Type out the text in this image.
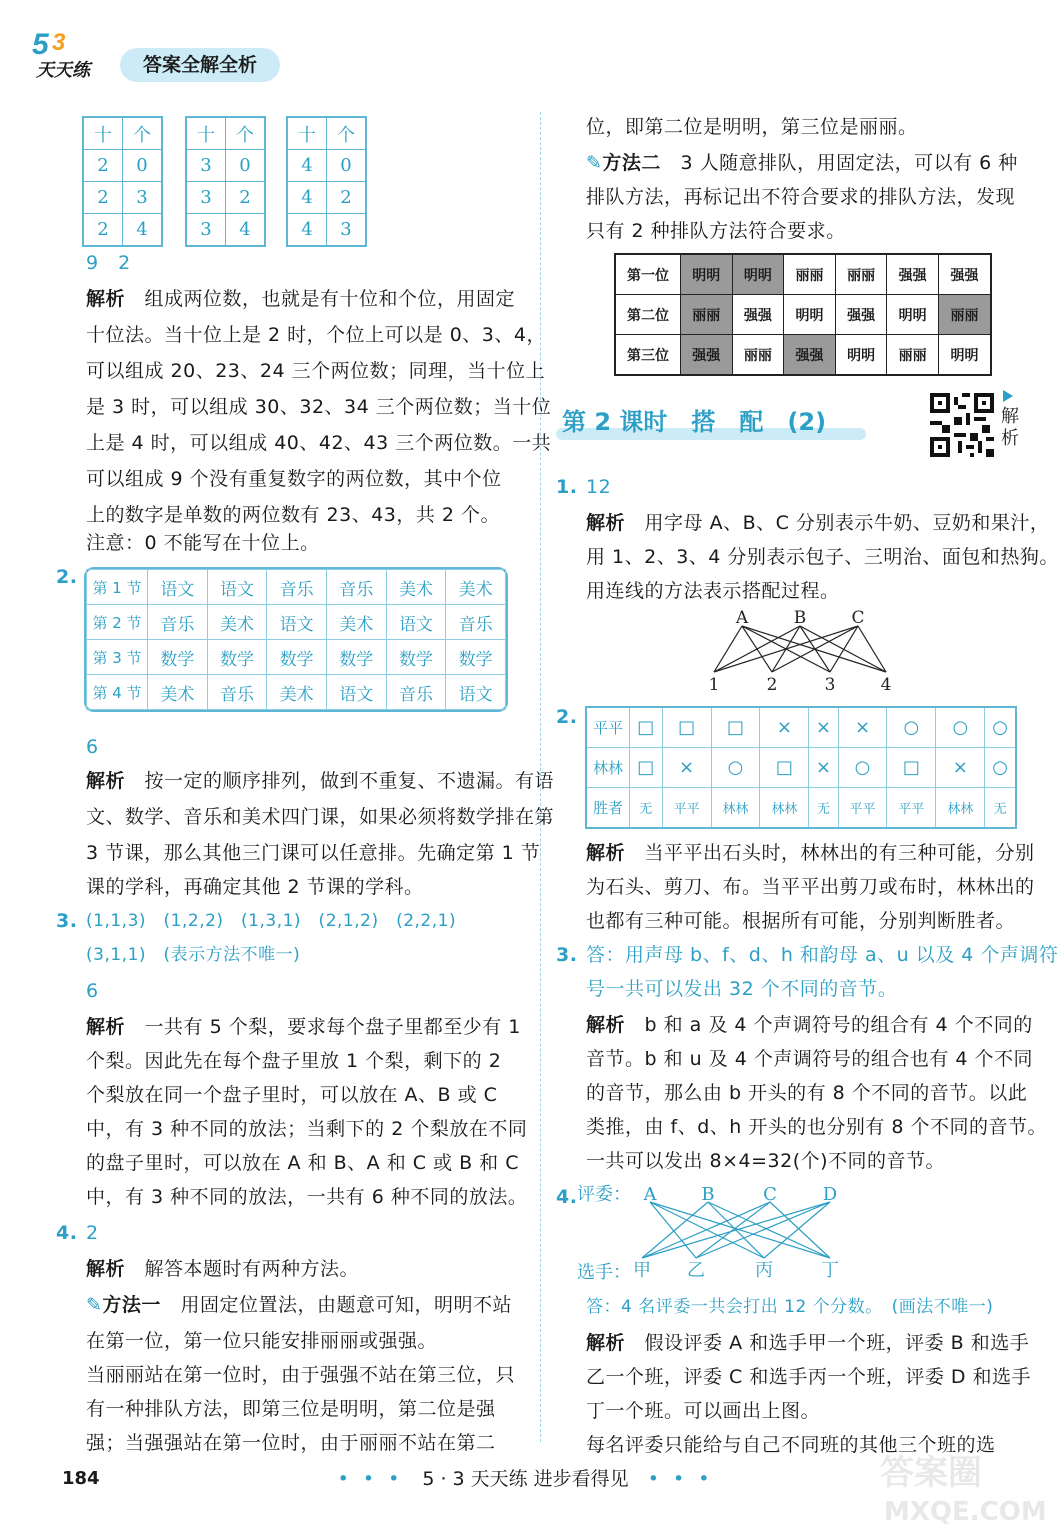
5 3
天天练	答案全解全析
十	个
2	0
2	3
2	4
十	个
3	0
3	2
3	4
十	个
4	0
4	2
4	3
9　2
解析　 组成两位数，也就是有十位和个位，用固定
十位法。当十位上是 2 时，个位上可以是 0、3、4，
可以组成 20、23、24 三个两位数；同理，当十位上
是 3 时，可以组成 30、32、34 三个两位数；当十位
上是 4 时，可以组成 40、42、43 三个两位数。一共
可以组成 9 个没有重复数字的两位数，其中个位
上的数字是单数的两位数有 23、43，共 2 个。
注意：0 不能写在十位上。
2. 第 1 节	语文	语文	音乐	音乐	美术	美术
第 2 节	音乐	美术	语文	美术	语文	音乐
第 3 节	数学	数学	数学	数学	数学	数学
第 4 节	美术	音乐	美术	语文	音乐	语文
6
解析　 按一定的顺序排列，做到不重复、不遗漏。有语
文、数学、音乐和美术四门课，如果必须将数学排在第
3 节课，那么其他三门课可以任意排。先确定第 1 节
课的学科，再确定其他 2 节课的学科。
3. (1,1,3)　(1,2,2)　(1,3,1)　(2,1,2)　(2,2,1)
(3,1,1)　(表示方法不唯一)
6
解析　 一共有 5 个梨，要求每个盘子里都至少有 1
个梨。因此先在每个盘子里放 1 个梨，剩下的 2
个梨放在同一个盘子里时，可以放在 A、B 或 C
中，有 3 种不同的放法；当剩下的 2 个梨放在不同
的盘子里时，可以放在 A 和 B、A 和 C 或 B 和 C
中，有 3 种不同的放法，一共有 6 种不同的放法。
4. 2
解析　 解答本题时有两种方法。
✎方法一　 用固定位置法，由题意可知，明明不站
在第一位，第一位只能安排丽丽或强强。
当丽丽站在第一位时，由于强强不站在第三位，只
有一种排队方法，即第三位是明明，第二位是强
强；当强强站在第一位时，由于丽丽不站在第二
位，即第二位是明明，第三位是丽丽。
✎方法二　 3 人随意排队，用固定法，可以有 6 种
排队方法，再标记出不符合要求的排队方法，发现
只有 2 种排队方法符合要求。
第一位	明明	明明	丽丽	丽丽	强强	强强
第二位	丽丽	强强	明明	强强	明明	丽丽
第三位	强强	丽丽	强强	明明	丽丽	明明
第 2 课时　搭　配　(2)	解析
1. 12
解析　 用字母 A、B、C 分别表示牛奶、豆奶和果汁，
用 1、2、3、4 分别表示包子、三明治、面包和热狗。
用连线的方法表示搭配过程。
A	B	C
1	2	3	4
2. 平平	□	□	□	×	×	×	○	○	○
林林	□	×	○	□	×	○	□	×	○
胜者	无	平平	林林	林林	无	平平	平平	林林	无
解析　 当平平出石头时，林林出的有三种可能，分别
为石头、剪刀、布。当平平出剪刀或布时，林林出的
也都有三种可能。根据所有可能，分别判断胜者。
3. 答：用声母 b、f、d、h 和韵母 a、u 以及 4 个声调符
号一共可以发出 32 个不同的音节。
解析　 b 和 a 及 4 个声调符号的组合有 4 个不同的
音节。b 和 u 及 4 个声调符号的组合也有 4 个不同
的音节，那么由 b 开头的有 8 个不同的音节。以此
类推，由 f、d、h 开头的也分别有 8 个不同的音节。
一共可以发出 8×4=32(个)不同的音节。
4. 评委： A B	C	D
选手： 甲 乙	丙	丁
答：4 名评委一共会打出 12 个分数。　(画法不唯一)
解析　 假设评委 A 和选手甲一个班，评委 B 和选手
乙一个班，评委 C 和选手丙一个班，评委 D 和选手
丁一个班。可以画出上图。
每名评委只能给与自己不同班的其他三个班的选
184	• • •　 5 · 3 天天练 进步看得见　 • • •	答案圈
MXQE.COM
